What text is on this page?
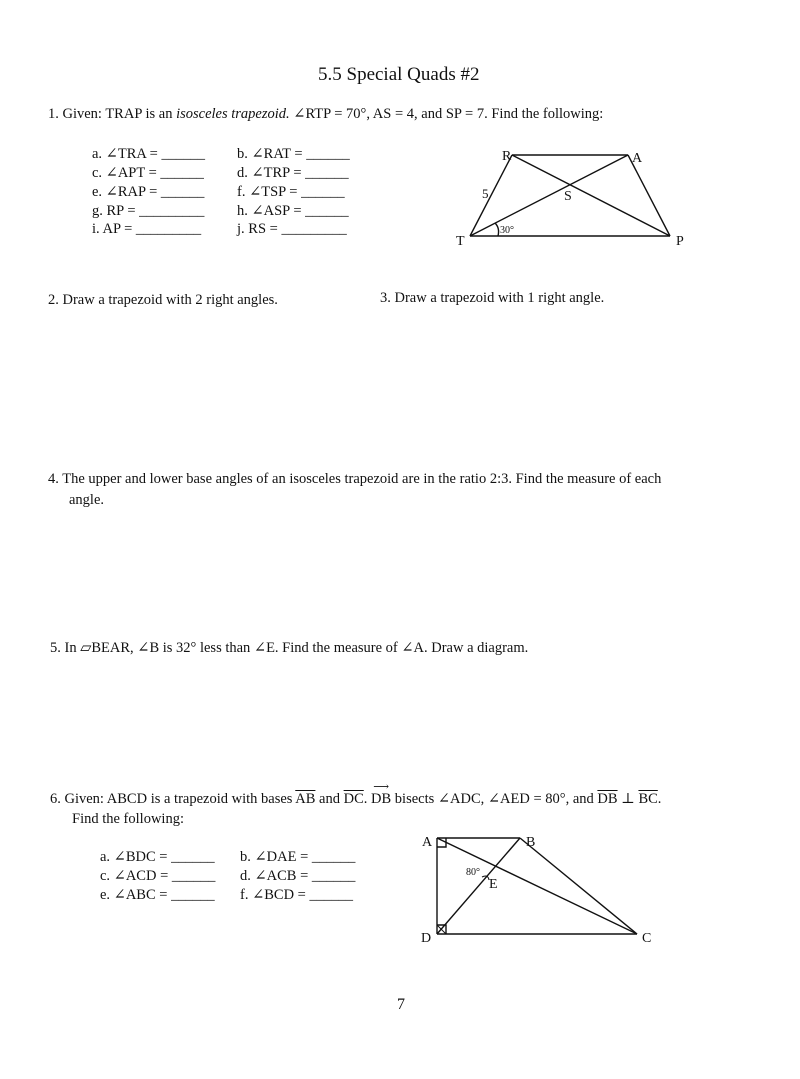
5.5 Special Quads #2
1. Given: TRAP is an isosceles trapezoid. ∠RTP = 70°, AS = 4, and SP = 7. Find the following:
a. ∠TRA = ______ b. ∠RAT = ______
c. ∠APT = ______ d. ∠TRP = ______
e. ∠RAP = ______ f. ∠TSP = ______
g. RP = _________ h. ∠ASP = ______
i. AP = _________ j. RS = _________
R	A
S
T	P
5
30°
2. Draw a trapezoid with 2 right angles.	3. Draw a trapezoid with 1 right angle.
4. The upper and lower base angles of an isosceles trapezoid are in the ratio 2:3. Find the measure of each
angle.
5. In ▱BEAR, ∠B is 32° less than ∠E. Find the measure of ∠A. Draw a diagram.
6. Given: ABCD is a trapezoid with bases $\overline{AB}$ and $\overline{DC}$.
⟶
DB bisects ∠ADC, ∠AED = 80°, and $\overline{DB}$ ⊥ $\overline{BC}$.
Find the following:
a. ∠BDC = ______ b. ∠DAE = ______
c. ∠ACD = ______ d. ∠ACB = ______
e. ∠ABC = ______ f. ∠BCD = ______
A	B
C
D
E
80°
7
